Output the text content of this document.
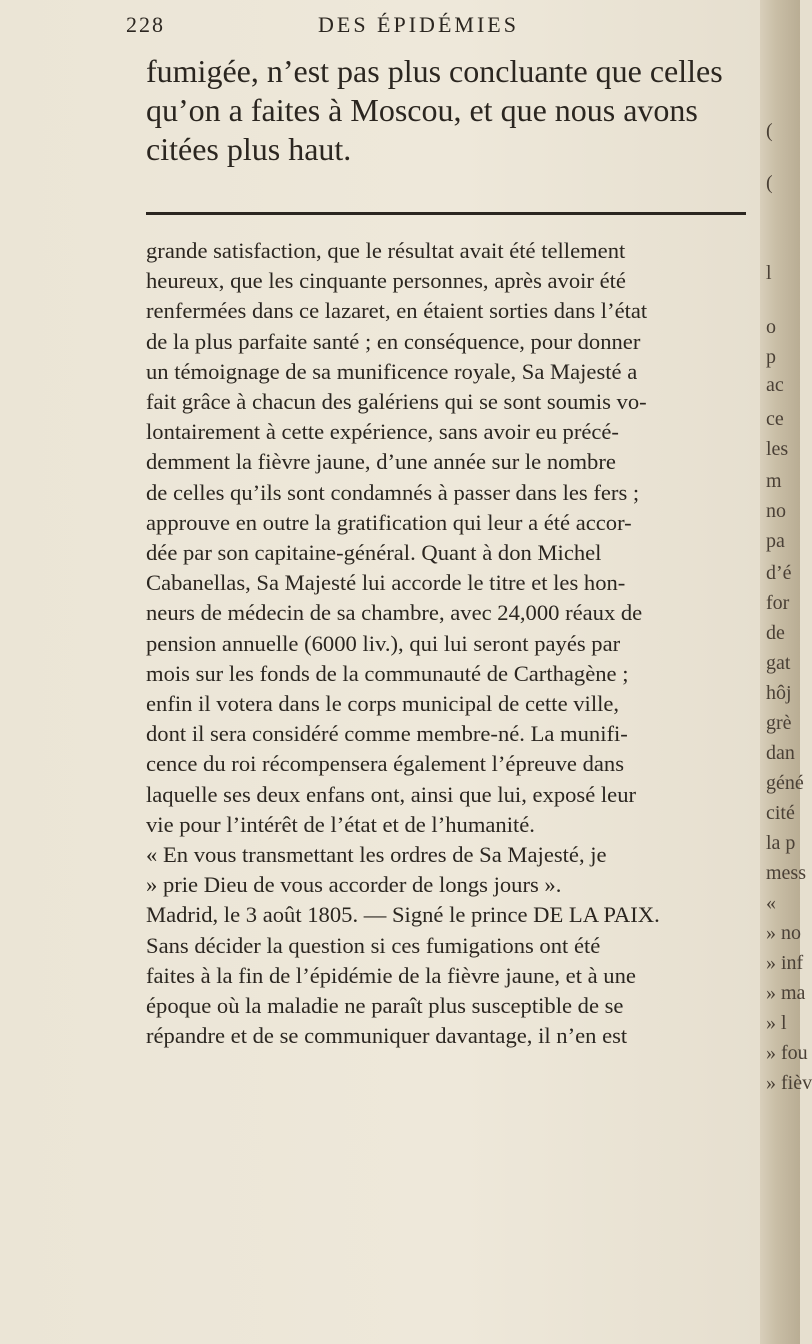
228	DES ÉPIDÉMIES
fumigée, n’est pas plus concluante que celles
qu’on a faites à Moscou, et que nous avons
citées plus haut.
grande satisfaction, que le résultat avait été tellement
heureux, que les cinquante personnes, après avoir été
renfermées dans ce lazaret, en étaient sorties dans l’état
de la plus parfaite santé ; en conséquence, pour donner
un témoignage de sa munificence royale, Sa Majesté a
fait grâce à chacun des galériens qui se sont soumis vo-
lontairement à cette expérience, sans avoir eu précé-
demment la fièvre jaune, d’une année sur le nombre
de celles qu’ils sont condamnés à passer dans les fers ;
approuve en outre la gratification qui leur a été accor-
dée par son capitaine-général. Quant à don Michel
Cabanellas, Sa Majesté lui accorde le titre et les hon-
neurs de médecin de sa chambre, avec 24,000 réaux de
pension annuelle (6000 liv.), qui lui seront payés par
mois sur les fonds de la communauté de Carthagène ;
enfin il votera dans le corps municipal de cette ville,
dont il sera considéré comme membre-né. La munifi-
cence du roi récompensera également l’épreuve dans
laquelle ses deux enfans ont, ainsi que lui, exposé leur
vie pour l’intérêt de l’état et de l’humanité.
« En vous transmettant les ordres de Sa Majesté, je
» prie Dieu de vous accorder de longs jours ».
Madrid, le 3 août 1805. — Signé le prince DE LA PAIX.
Sans décider la question si ces fumigations ont été
faites à la fin de l’épidémie de la fièvre jaune, et à une
époque où la maladie ne paraît plus susceptible de se
répandre et de se communiquer davantage, il n’en est
(
(
l
o
p
ac
ce
les
m
no
pa
d’é
for
de
gat
hôj
grè
dan
géné
cité
la p
mess
«
» no
» inf
» ma
» l
» fou
» fièv
